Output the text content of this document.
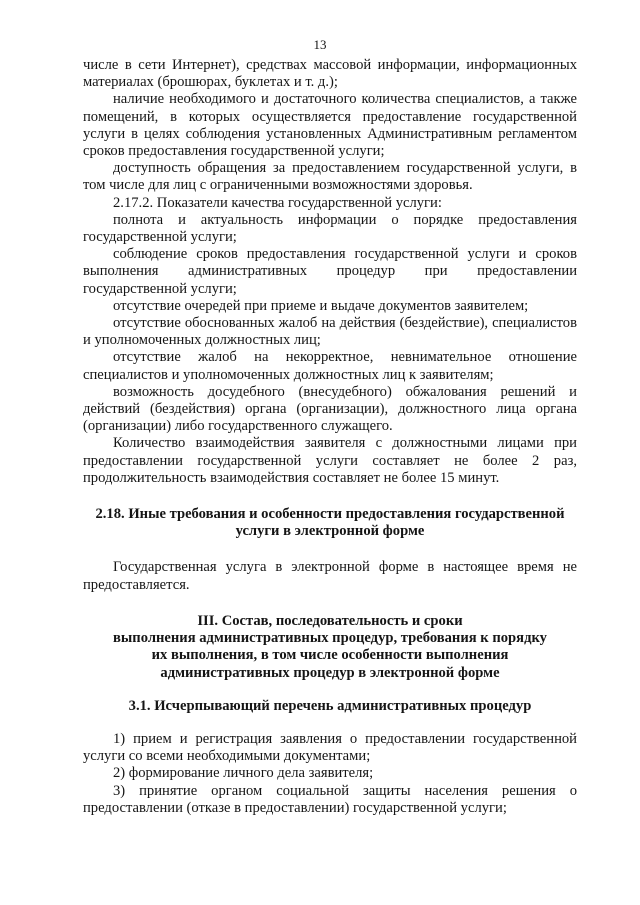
13

числе в сети Интернет), средствах массовой информации, информационных материалах (брошюрах, буклетах и т. д.);

наличие необходимого и достаточного количества специалистов, а также помещений, в которых осуществляется предоставление государственной услуги в целях соблюдения установленных Административным регламентом сроков предоставления государственной услуги;

доступность обращения за предоставлением государственной услуги, в том числе для лиц с ограниченными возможностями здоровья.

2.17.2. Показатели качества государственной услуги:

полнота и актуальность информации о порядке предоставления государственной услуги;

соблюдение сроков предоставления государственной услуги и сроков выполнения административных процедур при предоставлении государственной услуги;

отсутствие очередей при приеме и выдаче документов заявителем;

отсутствие обоснованных жалоб на действия (бездействие), специалистов и уполномоченных должностных лиц;

отсутствие жалоб на некорректное, невнимательное отношение специалистов и уполномоченных должностных лиц к заявителям;

возможность досудебного (внесудебного) обжалования решений и действий (бездействия) органа (организации), должностного лица органа (организации) либо государственного служащего.

Количество взаимодействия заявителя с должностными лицами при предоставлении государственной услуги составляет не более 2 раз, продолжительность взаимодействия составляет не более 15 минут.

2.18. Иные требования и особенности предоставления государственной услуги в электронной форме

Государственная услуга в электронной форме в настоящее время не предоставляется.

III. Состав, последовательность и сроки

выполнения административных процедур, требования к порядку

их выполнения, в том числе особенности выполнения

административных процедур в электронной форме

3.1. Исчерпывающий перечень административных процедур

1) прием и регистрация заявления о предоставлении государственной услуги со всеми необходимыми документами;

2) формирование личного дела заявителя;

3) принятие органом социальной защиты населения решения о предоставлении (отказе в предоставлении) государственной услуги;
